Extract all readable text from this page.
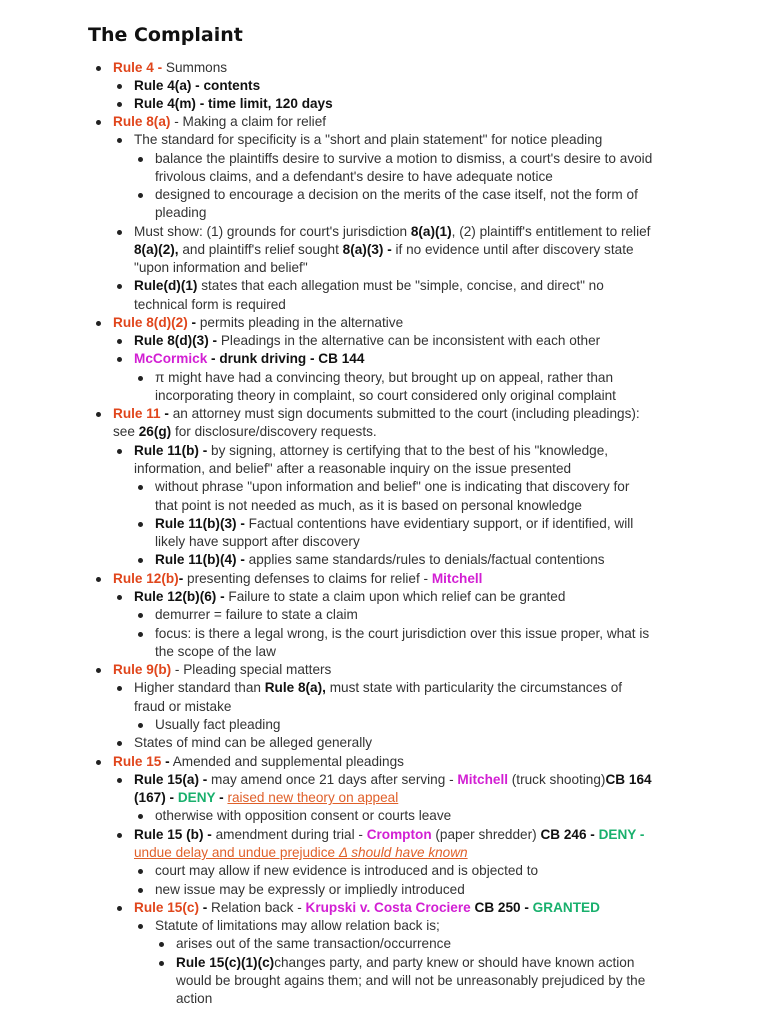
The Complaint
Rule 4 - Summons
Rule 4(a) - contents
Rule 4(m) - time limit, 120 days
Rule 8(a) - Making a claim for relief
The standard for specificity is a "short and plain statement" for notice pleading
balance the plaintiffs desire to survive a motion to dismiss, a court's desire to avoid
frivolous claims, and a defendant's desire to have adequate notice
designed to encourage a decision on the merits of the case itself, not the form of
pleading
Must show: (1) grounds for court's jurisdiction 8(a)(1), (2) plaintiff's entitlement to relief
8(a)(2), and plaintiff's relief sought 8(a)(3) - if no evidence until after discovery state
"upon information and belief"
Rule(d)(1) states that each allegation must be "simple, concise, and direct" no
technical form is required
Rule 8(d)(2) - permits pleading in the alternative
Rule 8(d)(3) - Pleadings in the alternative can be inconsistent with each other
McCormick - drunk driving - CB 144
π might have had a convincing theory, but brought up on appeal, rather than
incorporating theory in complaint, so court considered only original complaint
Rule 11 - an attorney must sign documents submitted to the court (including pleadings):
see 26(g) for disclosure/discovery requests.
Rule 11(b) - by signing, attorney is certifying that to the best of his "knowledge,
information, and belief" after a reasonable inquiry on the issue presented
without phrase "upon information and belief" one is indicating that discovery for
that point is not needed as much, as it is based on personal knowledge
Rule 11(b)(3) - Factual contentions have evidentiary support, or if identified, will
likely have support after discovery
Rule 11(b)(4) - applies same standards/rules to denials/factual contentions
Rule 12(b)- presenting defenses to claims for relief - Mitchell
Rule 12(b)(6) - Failure to state a claim upon which relief can be granted
demurrer = failure to state a claim
focus: is there a legal wrong, is the court jurisdiction over this issue proper, what is
the scope of the law
Rule 9(b) - Pleading special matters
Higher standard than Rule 8(a), must state with particularity the circumstances of
fraud or mistake
Usually fact pleading
States of mind can be alleged generally
Rule 15 - Amended and supplemental pleadings
Rule 15(a) - may amend once 21 days after serving - Mitchell (truck shooting)CB 164
(167) - DENY - raised new theory on appeal
otherwise with opposition consent or courts leave
Rule 15 (b) - amendment during trial - Crompton (paper shredder) CB 246 - DENY -
undue delay and undue prejudice Δ should have known
court may allow if new evidence is introduced and is objected to
new issue may be expressly or impliedly introduced
Rule 15(c) - Relation back - Krupski v. Costa Crociere CB 250 - GRANTED
Statute of limitations may allow relation back is;
arises out of the same transaction/occurrence
Rule 15(c)(1)(c)changes party, and party knew or should have known action
would be brought agains them; and will not be unreasonably prejudiced by the
action
